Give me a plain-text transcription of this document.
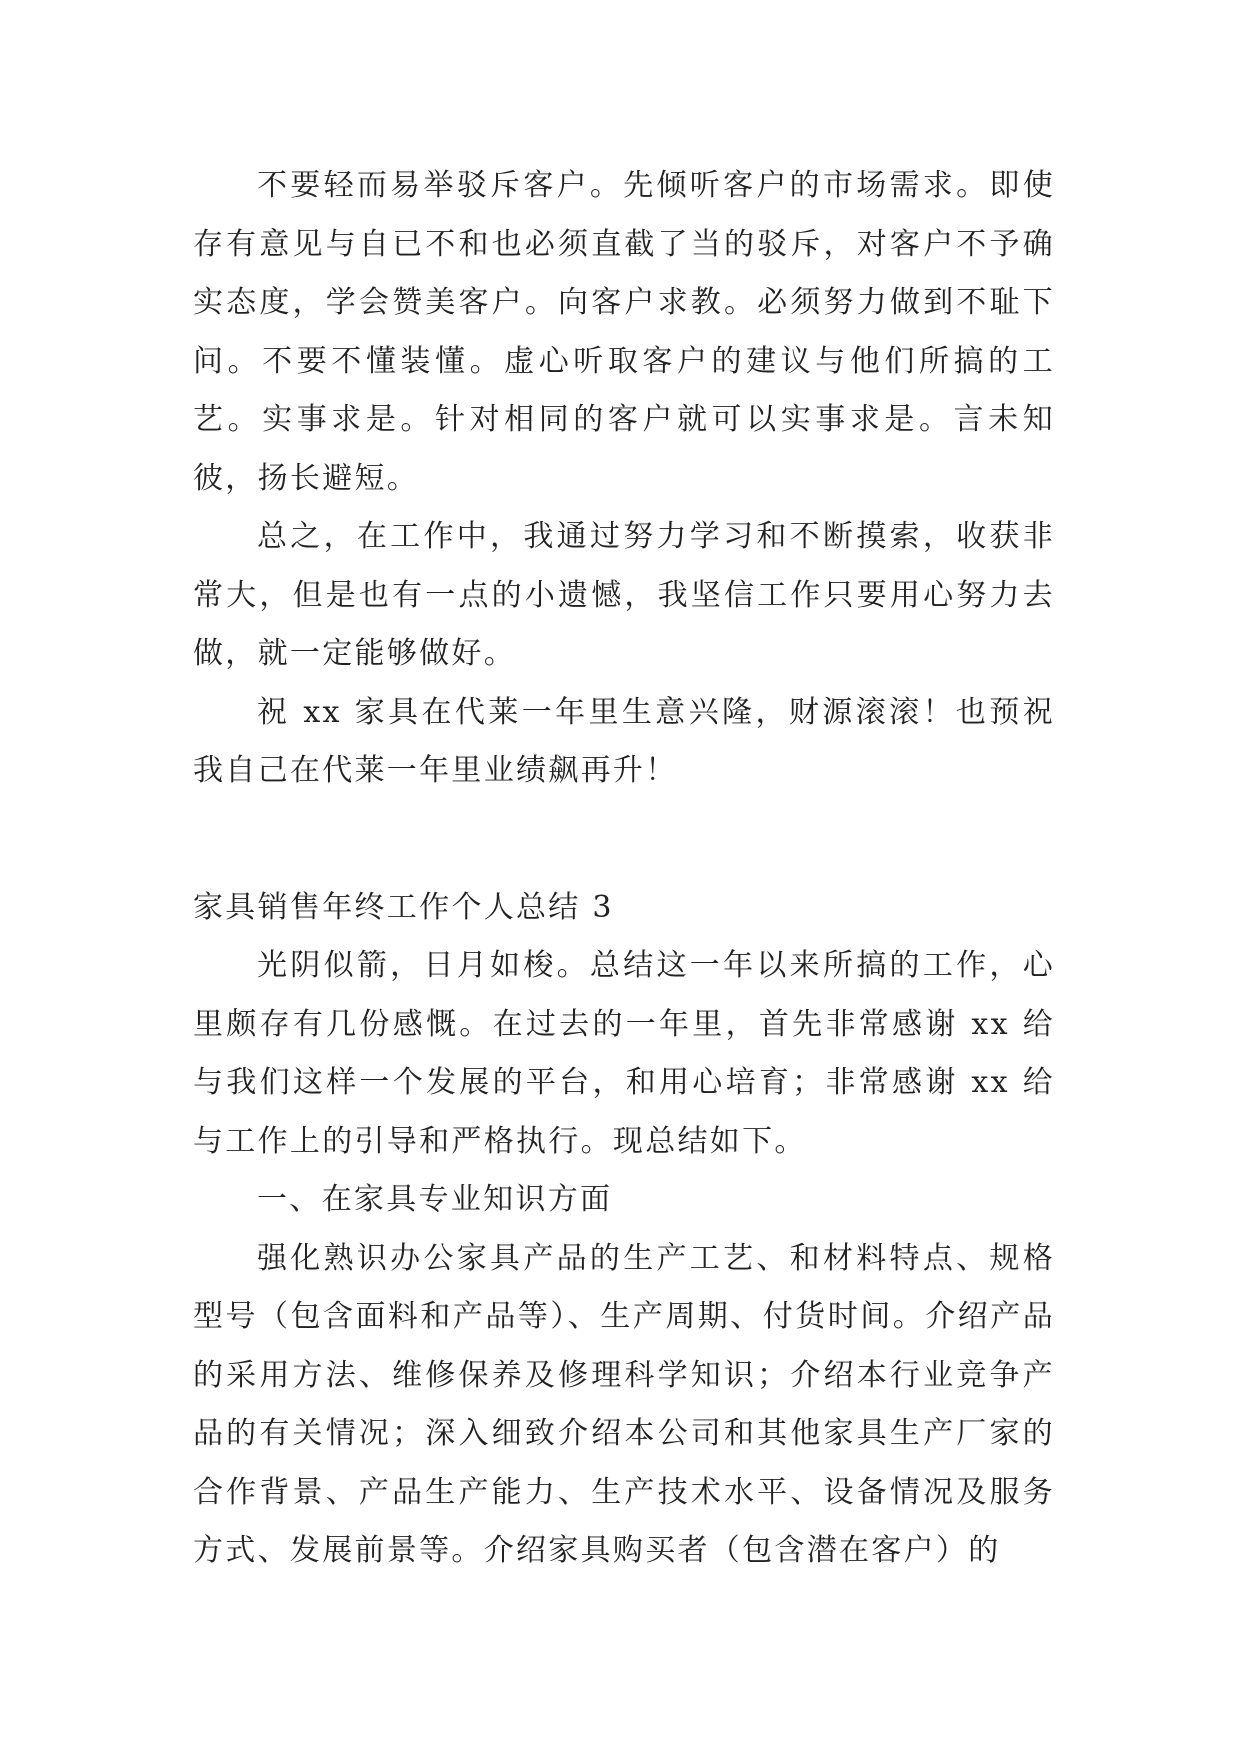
不要轻而易举驳斥客户。先倾听客户的市场需求。即使存有意见与自已不和也必须直截了当的驳斥，对客户不予确实态度，学会赞美客户。向客户求教。必须努力做到不耻下问。不要不懂装懂。虚心听取客户的建议与他们所搞的工艺。实事求是。针对相同的客户就可以实事求是。言未知彼，扬长避短。

总之，在工作中，我通过努力学习和不断摸索，收获非常大，但是也有一点的小遗憾，我坚信工作只要用心努力去做，就一定能够做好。

祝 xx 家具在代莱一年里生意兴隆，财源滚滚！也预祝我自己在代莱一年里业绩飙再升！

家具销售年终工作个人总结 3

光阴似箭，日月如梭。总结这一年以来所搞的工作，心里颇存有几份感慨。在过去的一年里，首先非常感谢 xx 给与我们这样一个发展的平台，和用心培育；非常感谢 xx 给与工作上的引导和严格执行。现总结如下。

一、在家具专业知识方面

强化熟识办公家具产品的生产工艺、和材料特点、规格型号（包含面料和产品等）、生产周期、付货时间。介绍产品的采用方法、维修保养及修理科学知识；介绍本行业竞争产品的有关情况；深入细致介绍本公司和其他家具生产厂家的合作背景、产品生产能力、生产技术水平、设备情况及服务方式、发展前景等。介绍家具购买者（包含潜在客户）的
